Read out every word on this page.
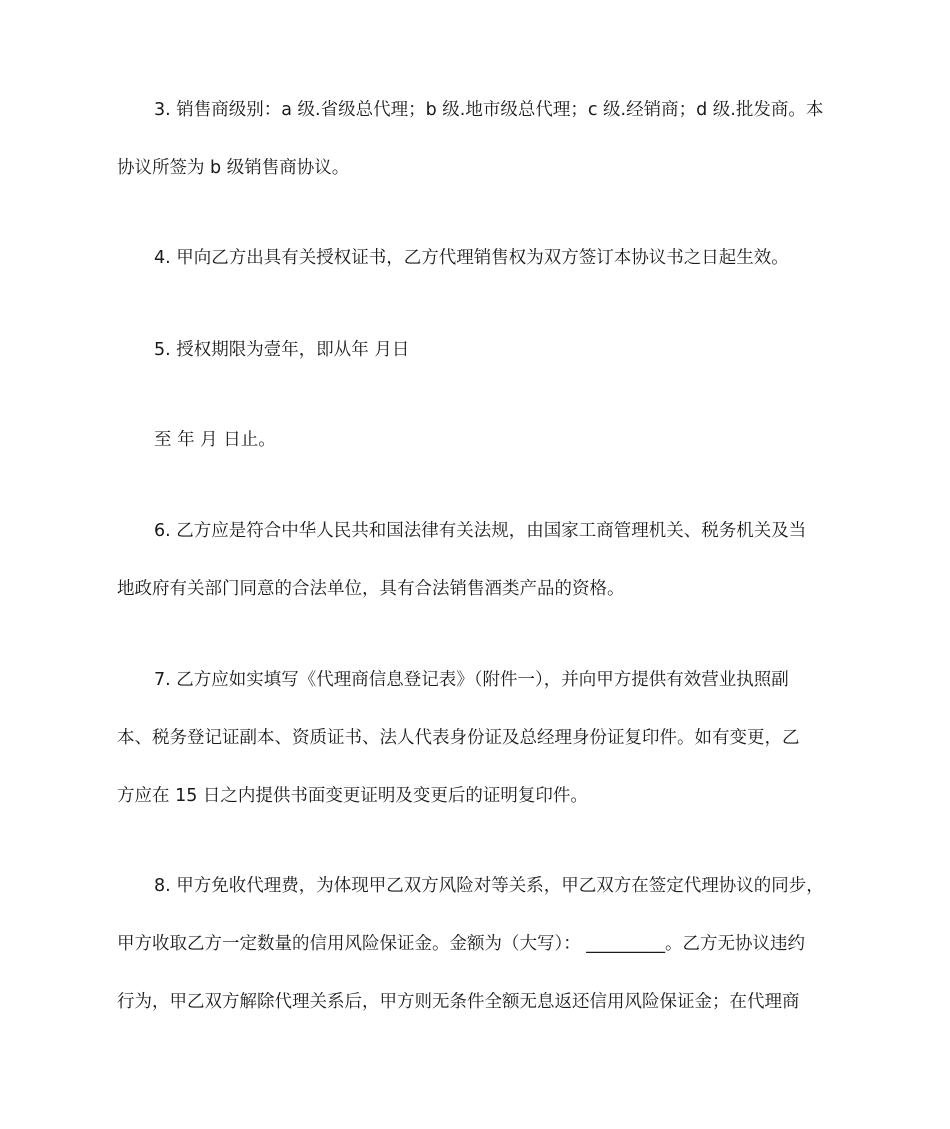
3. 销售商级别：a 级.省级总代理；b 级.地市级总代理；c 级.经销商；d 级.批发商。本
协议所签为 b 级销售商协议。
4. 甲向乙方出具有关授权证书，乙方代理销售权为双方签订本协议书之日起生效。
5. 授权期限为壹年，即从年 月日
至 年 月 日止。
6. 乙方应是符合中华人民共和国法律有关法规，由国家工商管理机关、税务机关及当
地政府有关部门同意的合法单位，具有合法销售酒类产品的资格。
7. 乙方应如实填写《代理商信息登记表》（附件一），并向甲方提供有效营业执照副
本、税务登记证副本、资质证书、法人代表身份证及总经理身份证复印件。如有变更，乙
方应在 15 日之内提供书面变更证明及变更后的证明复印件。
8. 甲方免收代理费，为体现甲乙双方风险对等关系，甲乙双方在签定代理协议的同步，
甲方收取乙方一定数量的信用风险保证金。金额为（大写）： _________。乙方无协议违约
行为，甲乙双方解除代理关系后，甲方则无条件全额无息返还信用风险保证金；在代理商
